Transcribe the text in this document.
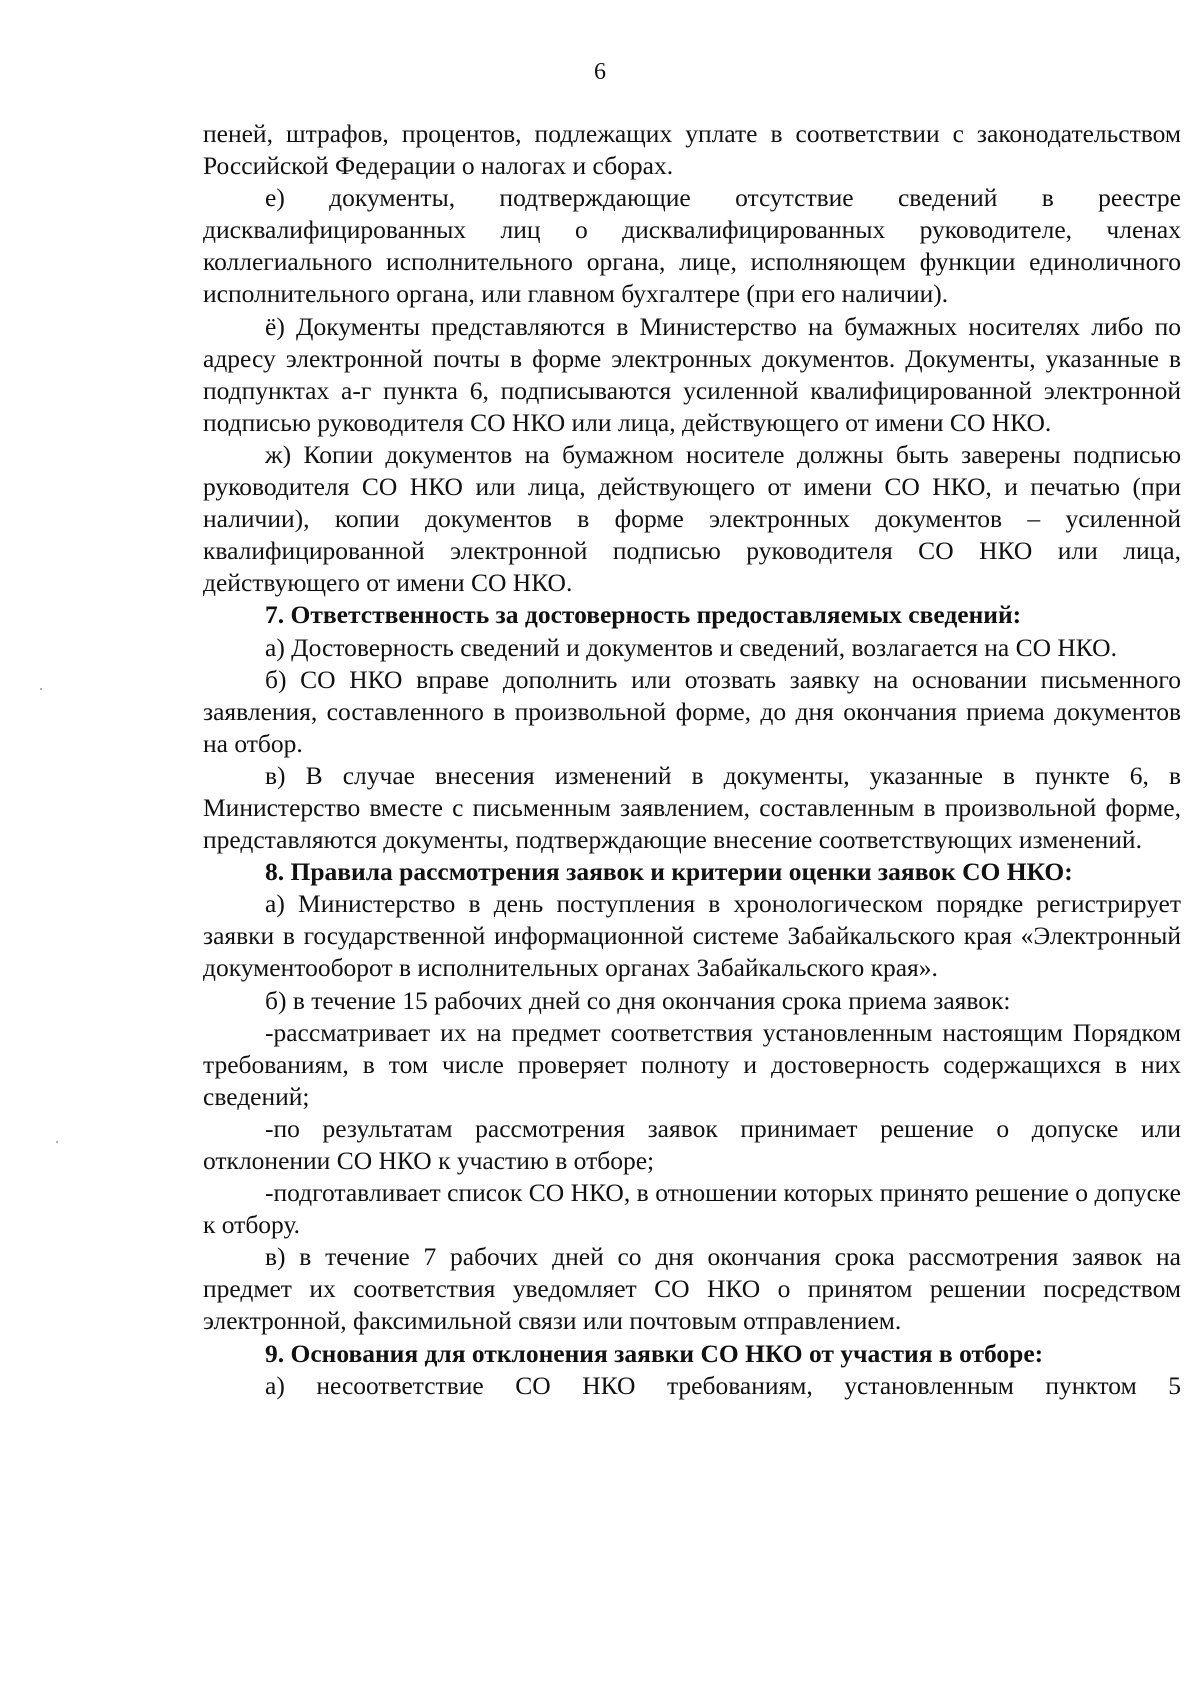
6

пеней, штрафов, процентов, подлежащих уплате в соответствии с законодательством Российской Федерации о налогах и сборах.

е) документы, подтверждающие отсутствие сведений в реестре дисквалифицированных лиц о дисквалифицированных руководителе, членах коллегиального исполнительного органа, лице, исполняющем функции единоличного исполнительного органа, или главном бухгалтере (при его наличии).

ё) Документы представляются в Министерство на бумажных носителях либо по адресу электронной почты в форме электронных документов. Документы, указанные в подпунктах а-г пункта 6, подписываются усиленной квалифицированной электронной подписью руководителя СО НКО или лица, действующего от имени СО НКО.

ж) Копии документов на бумажном носителе должны быть заверены подписью руководителя СО НКО или лица, действующего от имени СО НКО, и печатью (при наличии), копии документов в форме электронных документов – усиленной квалифицированной электронной подписью руководителя СО НКО или лица, действующего от имени СО НКО.

7. Ответственность за достоверность предоставляемых сведений:

а) Достоверность сведений и документов и сведений, возлагается на СО НКО.

б) СО НКО вправе дополнить или отозвать заявку на основании письменного заявления, составленного в произвольной форме, до дня окончания приема документов на отбор.

в) В случае внесения изменений в документы, указанные в пункте 6, в Министерство вместе с письменным заявлением, составленным в произвольной форме, представляются документы, подтверждающие внесение соответствующих изменений.

8. Правила рассмотрения заявок и критерии оценки заявок СО НКО:

а) Министерство в день поступления в хронологическом порядке регистрирует заявки в государственной информационной системе Забайкальского края «Электронный документооборот в исполнительных органах Забайкальского края».

б) в течение 15 рабочих дней со дня окончания срока приема заявок:

-рассматривает их на предмет соответствия установленным настоящим Порядком требованиям, в том числе проверяет полноту и достоверность содержащихся в них сведений;

-по результатам рассмотрения заявок принимает решение о допуске или отклонении СО НКО к участию в отборе;

-подготавливает список СО НКО, в отношении которых принято решение о допуске к отбору.

в) в течение 7 рабочих дней со дня окончания срока рассмотрения заявок на предмет их соответствия уведомляет СО НКО о принятом решении посредством электронной, факсимильной связи или почтовым отправлением.

9. Основания для отклонения заявки СО НКО от участия в отборе:

а) несоответствие СО НКО требованиям, установленным пунктом 5
